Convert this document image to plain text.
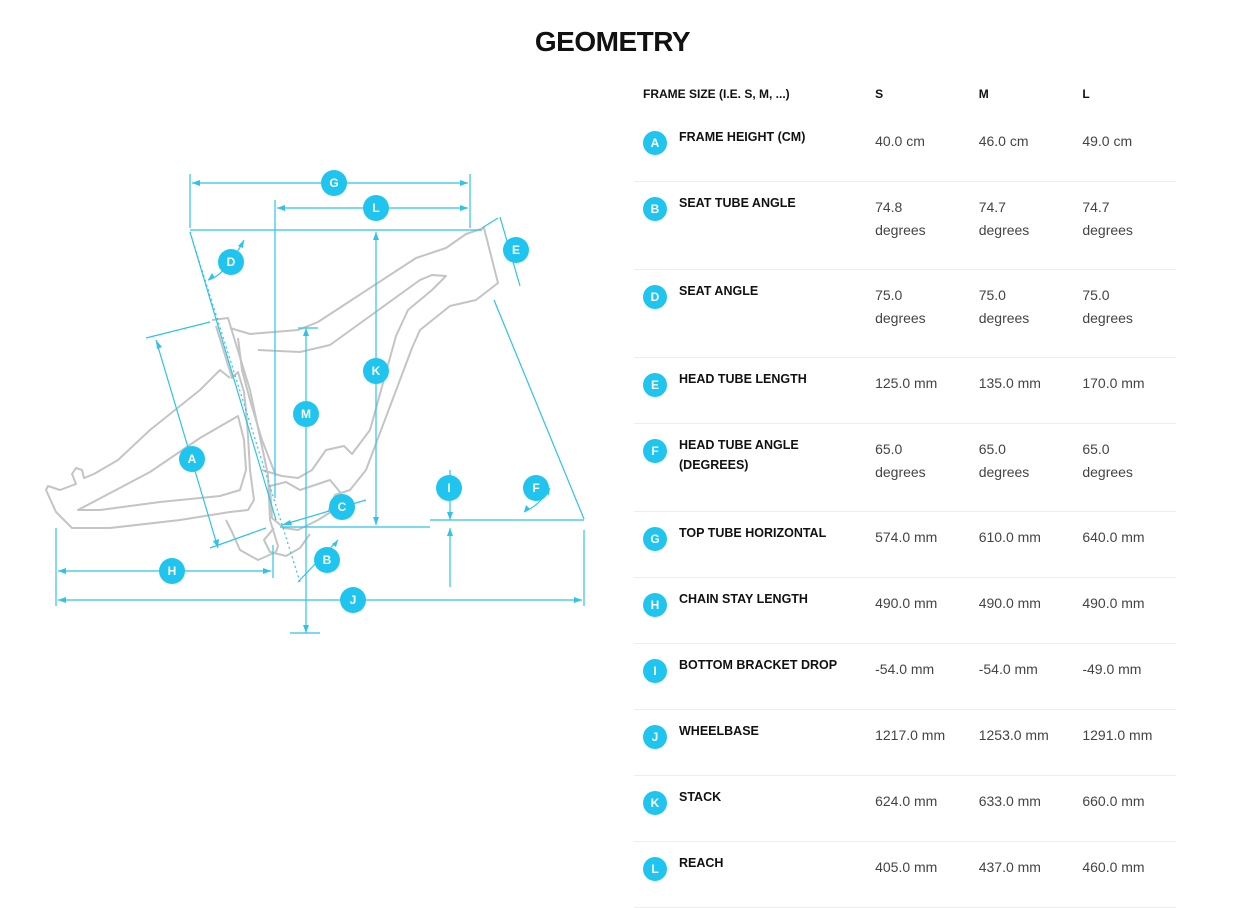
GEOMETRY
G
L
D
E
K
M
A
I	F
C
H
B
J
FRAME SIZE (I.E. S, M, ...)	S	M	L

A FRAME HEIGHT (CM)	40.0 cm	46.0 cm	49.0 cm

B SEAT TUBE ANGLE	74.8 degrees	74.7 degrees	74.7 degrees

D SEAT ANGLE	75.0 degrees	75.0 degrees	75.0 degrees

E HEAD TUBE LENGTH	125.0 mm	135.0 mm	170.0 mm

F HEAD TUBE ANGLE (DEGREES)	65.0 degrees	65.0 degrees	65.0 degrees

G TOP TUBE HORIZONTAL	574.0 mm	610.0 mm	640.0 mm

H CHAIN STAY LENGTH	490.0 mm	490.0 mm	490.0 mm

I BOTTOM BRACKET DROP	-54.0 mm	-54.0 mm	-49.0 mm

J WHEELBASE	1217.0 mm	1253.0 mm	1291.0 mm

K STACK	624.0 mm	633.0 mm	660.0 mm

L REACH	405.0 mm	437.0 mm	460.0 mm
